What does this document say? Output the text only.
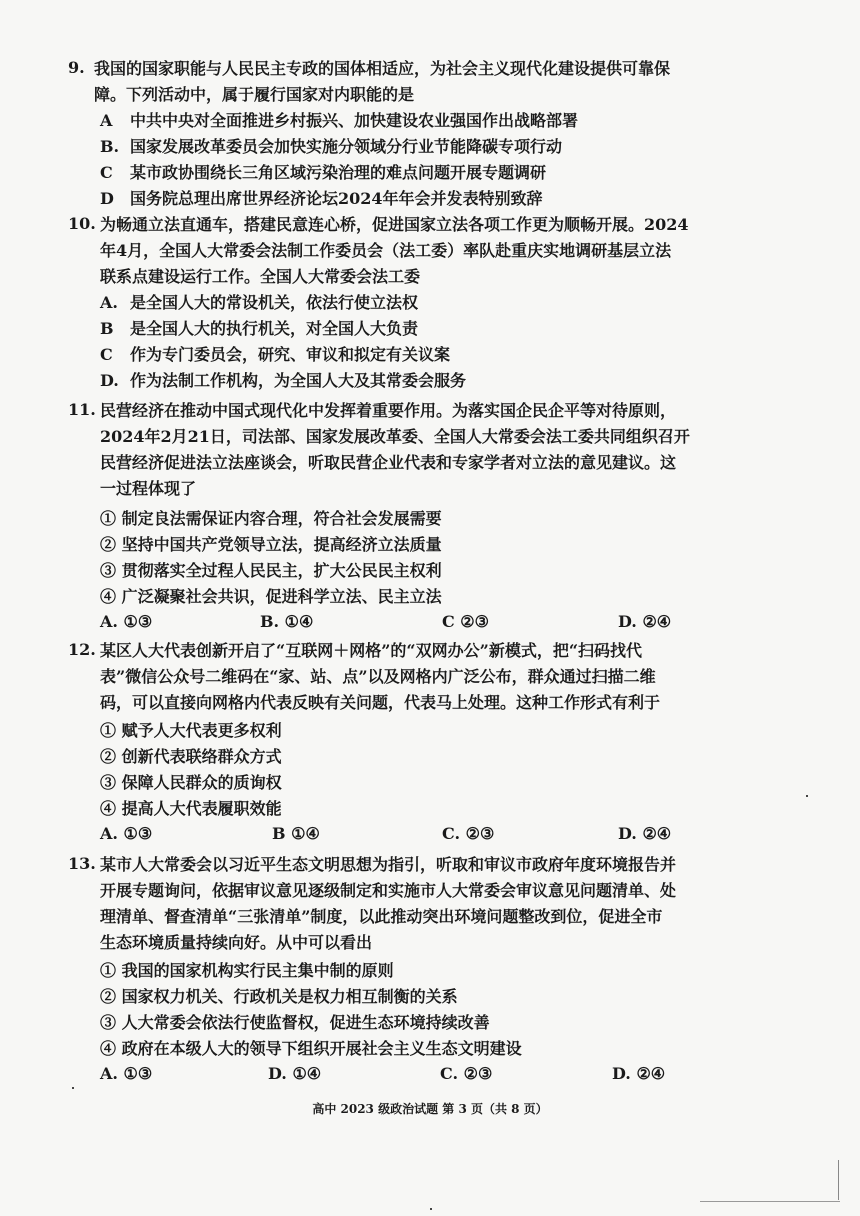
9. 我国的国家职能与人民民主专政的国体相适应，为社会主义现代化建设提供可靠保
障。下列活动中，属于履行国家对内职能的是
A 中共中央对全面推进乡村振兴、加快建设农业强国作出战略部署
B. 国家发展改革委员会加快实施分领域分行业节能降碳专项行动
C 某市政协围绕长三角区域污染治理的难点问题开展专题调研
D 国务院总理出席世界经济论坛2024年年会并发表特别致辞
10. 为畅通立法直通车，搭建民意连心桥，促进国家立法各项工作更为顺畅开展。2024
年4月，全国人大常委会法制工作委员会（法工委）率队赴重庆实地调研基层立法
联系点建设运行工作。全国人大常委会法工委
A. 是全国人大的常设机关，依法行使立法权
B 是全国人大的执行机关，对全国人大负责
C 作为专门委员会，研究、审议和拟定有关议案
D. 作为法制工作机构，为全国人大及其常委会服务
11. 民营经济在推动中国式现代化中发挥着重要作用。为落实国企民企平等对待原则，
2024年2月21日，司法部、国家发展改革委、全国人大常委会法工委共同组织召开
民营经济促进法立法座谈会，听取民营企业代表和专家学者对立法的意见建议。这
一过程体现了
① 制定良法需保证内容合理，符合社会发展需要
② 坚持中国共产党领导立法，提高经济立法质量
③ 贯彻落实全过程人民民主，扩大公民民主权利
④ 广泛凝聚社会共识，促进科学立法、民主立法
A. ①③	B. ①④	C ②③	D. ②④
12. 某区人大代表创新开启了“互联网＋网格”的“双网办公”新模式，把“扫码找代
表”微信公众号二维码在“家、站、点”以及网格内广泛公布，群众通过扫描二维
码，可以直接向网格内代表反映有关问题，代表马上处理。这种工作形式有利于
① 赋予人大代表更多权利
② 创新代表联络群众方式
③ 保障人民群众的质询权
④ 提高人大代表履职效能
A. ①③	B ①④	C. ②③	D. ②④
13. 某市人大常委会以习近平生态文明思想为指引，听取和审议市政府年度环境报告并
开展专题询问，依据审议意见逐级制定和实施市人大常委会审议意见问题清单、处
理清单、督查清单“三张清单”制度，以此推动突出环境问题整改到位，促进全市
生态环境质量持续向好。从中可以看出
① 我国的国家机构实行民主集中制的原则
② 国家权力机关、行政机关是权力相互制衡的关系
③ 人大常委会依法行使监督权，促进生态环境持续改善
④ 政府在本级人大的领导下组织开展社会主义生态文明建设
A. ①③	D. ①④	C. ②③	D. ②④
高中 2023 级政治试题 第 3 页（共 8 页）
